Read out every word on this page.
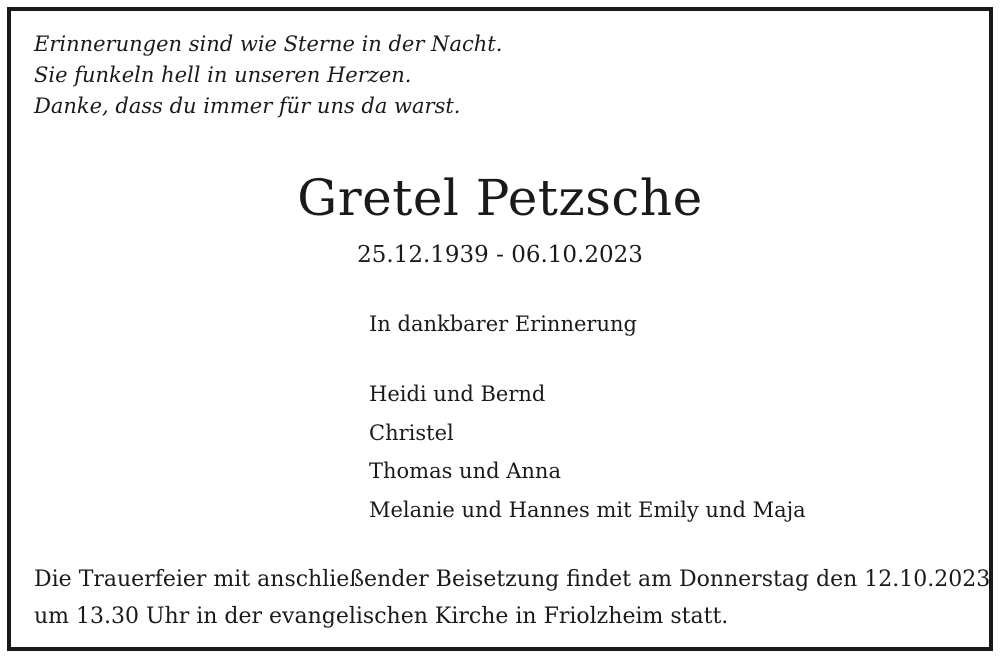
Erinnerungen sind wie Sterne in der Nacht.
Sie funkeln hell in unseren Herzen.
Danke, dass du immer für uns da warst.
Gretel Petzsche
25.12.1939 - 06.10.2023
In dankbarer Erinnerung
Heidi und Bernd
Christel
Thomas und Anna
Melanie und Hannes mit Emily und Maja
Die Trauerfeier mit anschließender Beisetzung findet am Donnerstag den 12.10.2023
um 13.30 Uhr in der evangelischen Kirche in Friolzheim statt.
